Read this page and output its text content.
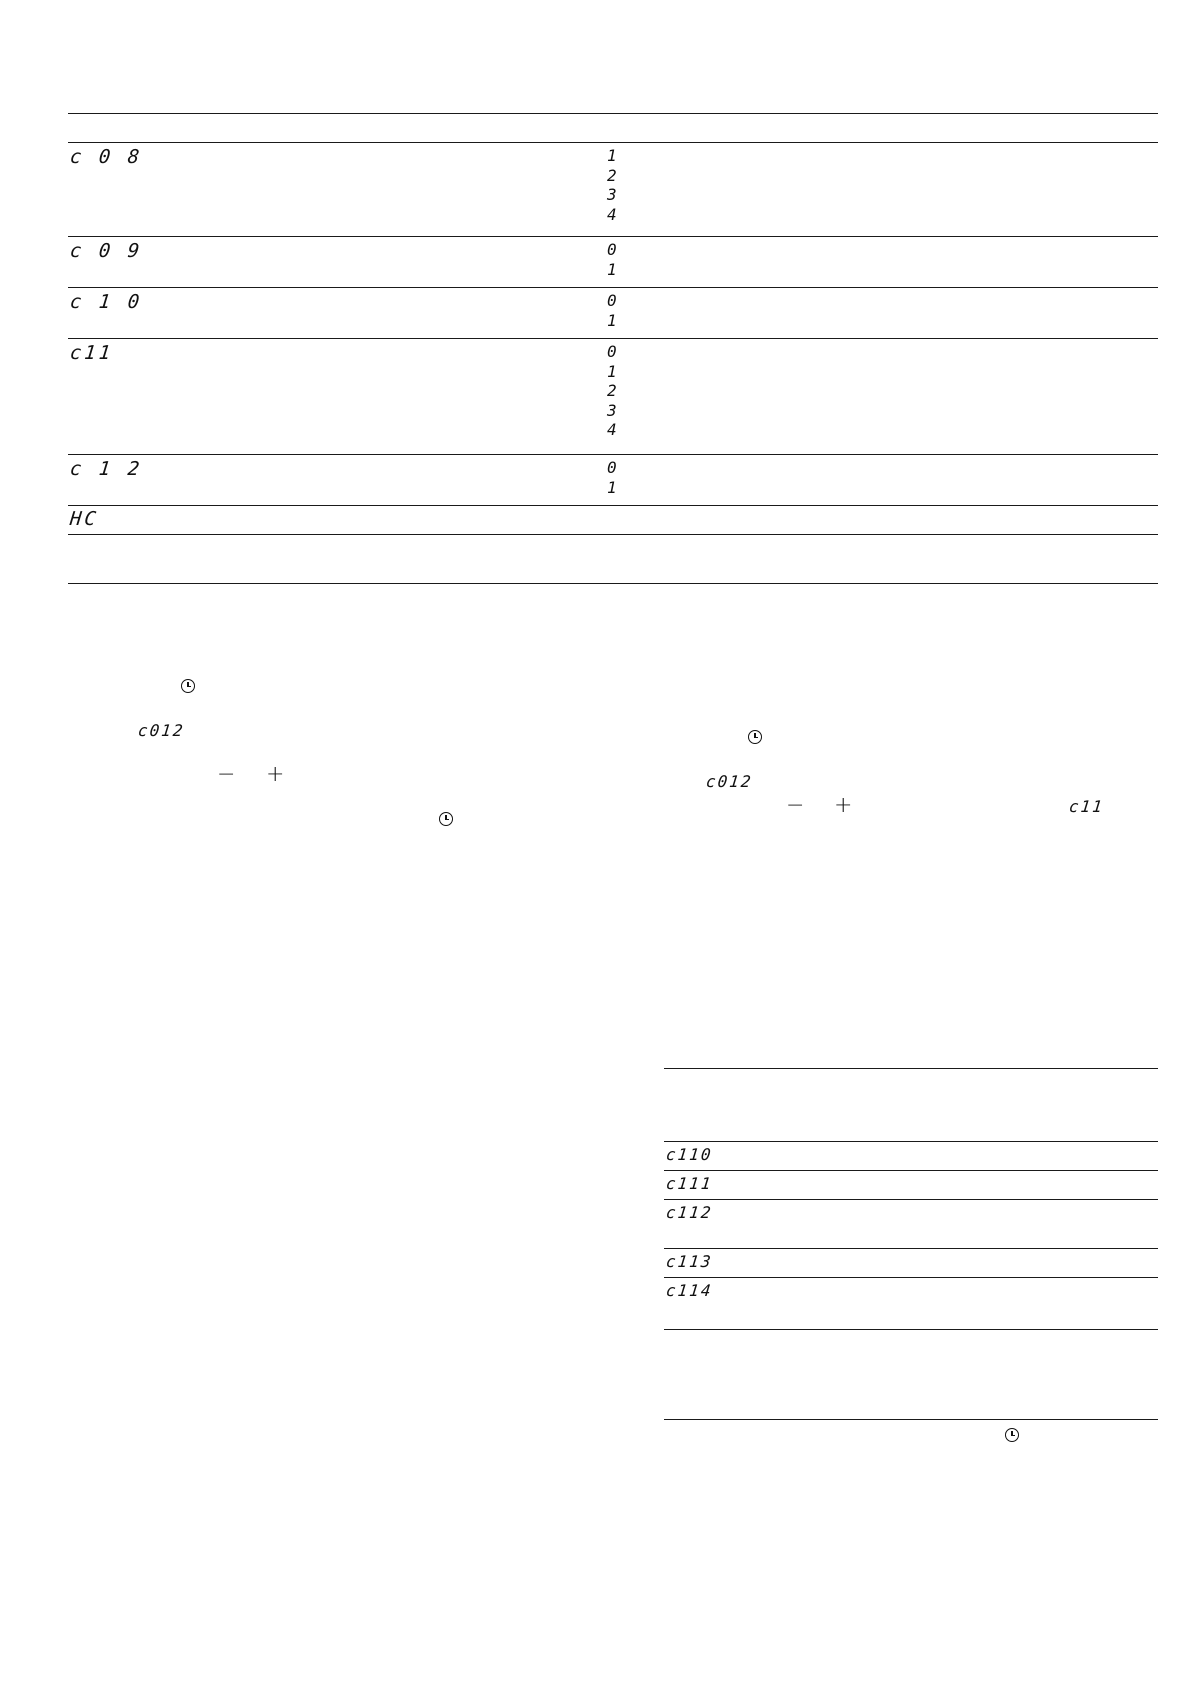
c 0 8	1
2
3
4
c 0 9	0
1
c 1 0	0
1
c11	0
1
2
3
4
c 1 2	0
1
HC
c012
− +	c012
− +	c11
c110
c111
c112
c113
c114
